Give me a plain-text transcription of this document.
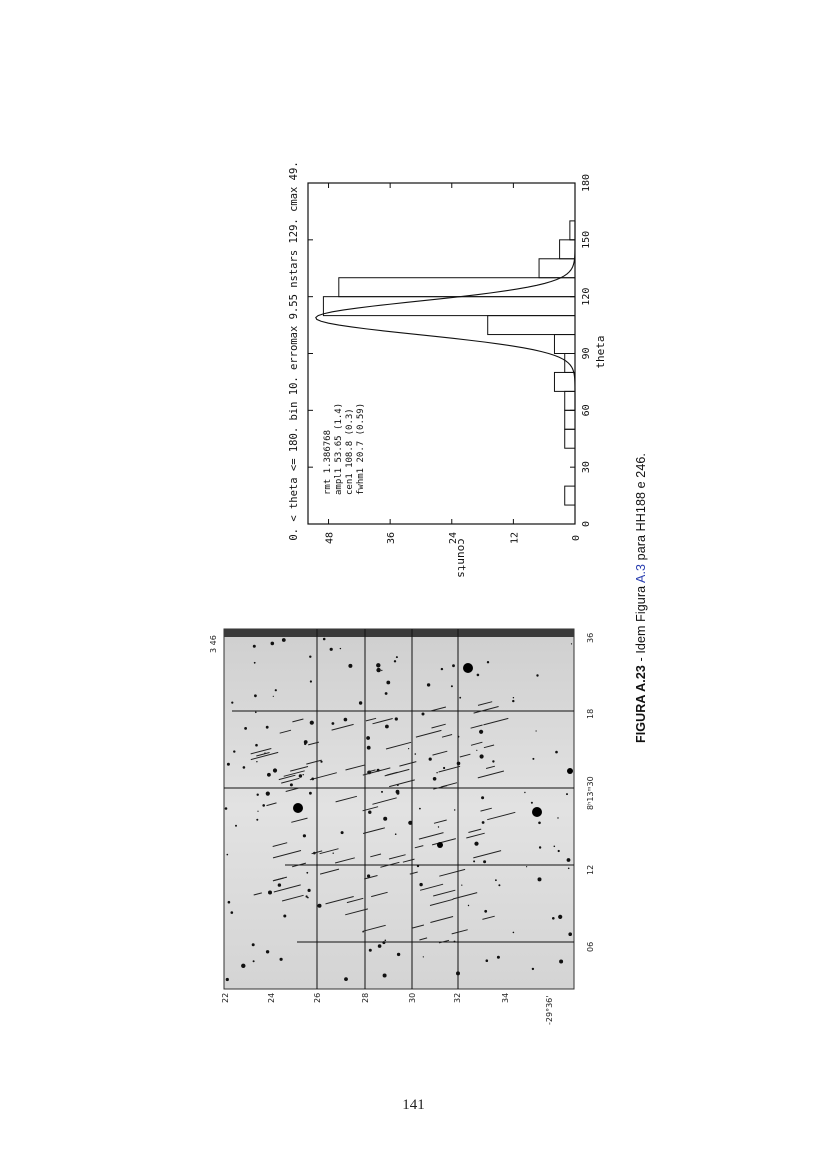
0
30
60
90
120
150
180
0
12
24
36
48
0. < theta <= 180. bin 10. erromax 9.55 nstars 129. cmax 49.	theta
counts
rmt 1.386768 ampl1 53.65 (1.4) cen1 108.8 (0.3) fwhm1 20.7 (0.59)
36
18
8ʰ13ᵐ30
12
06
22	24	26	28	30	32	34	-29°36'
3 46
FIGURA A.23 - Idem Figura A.3 para HH188 e 246.
141
